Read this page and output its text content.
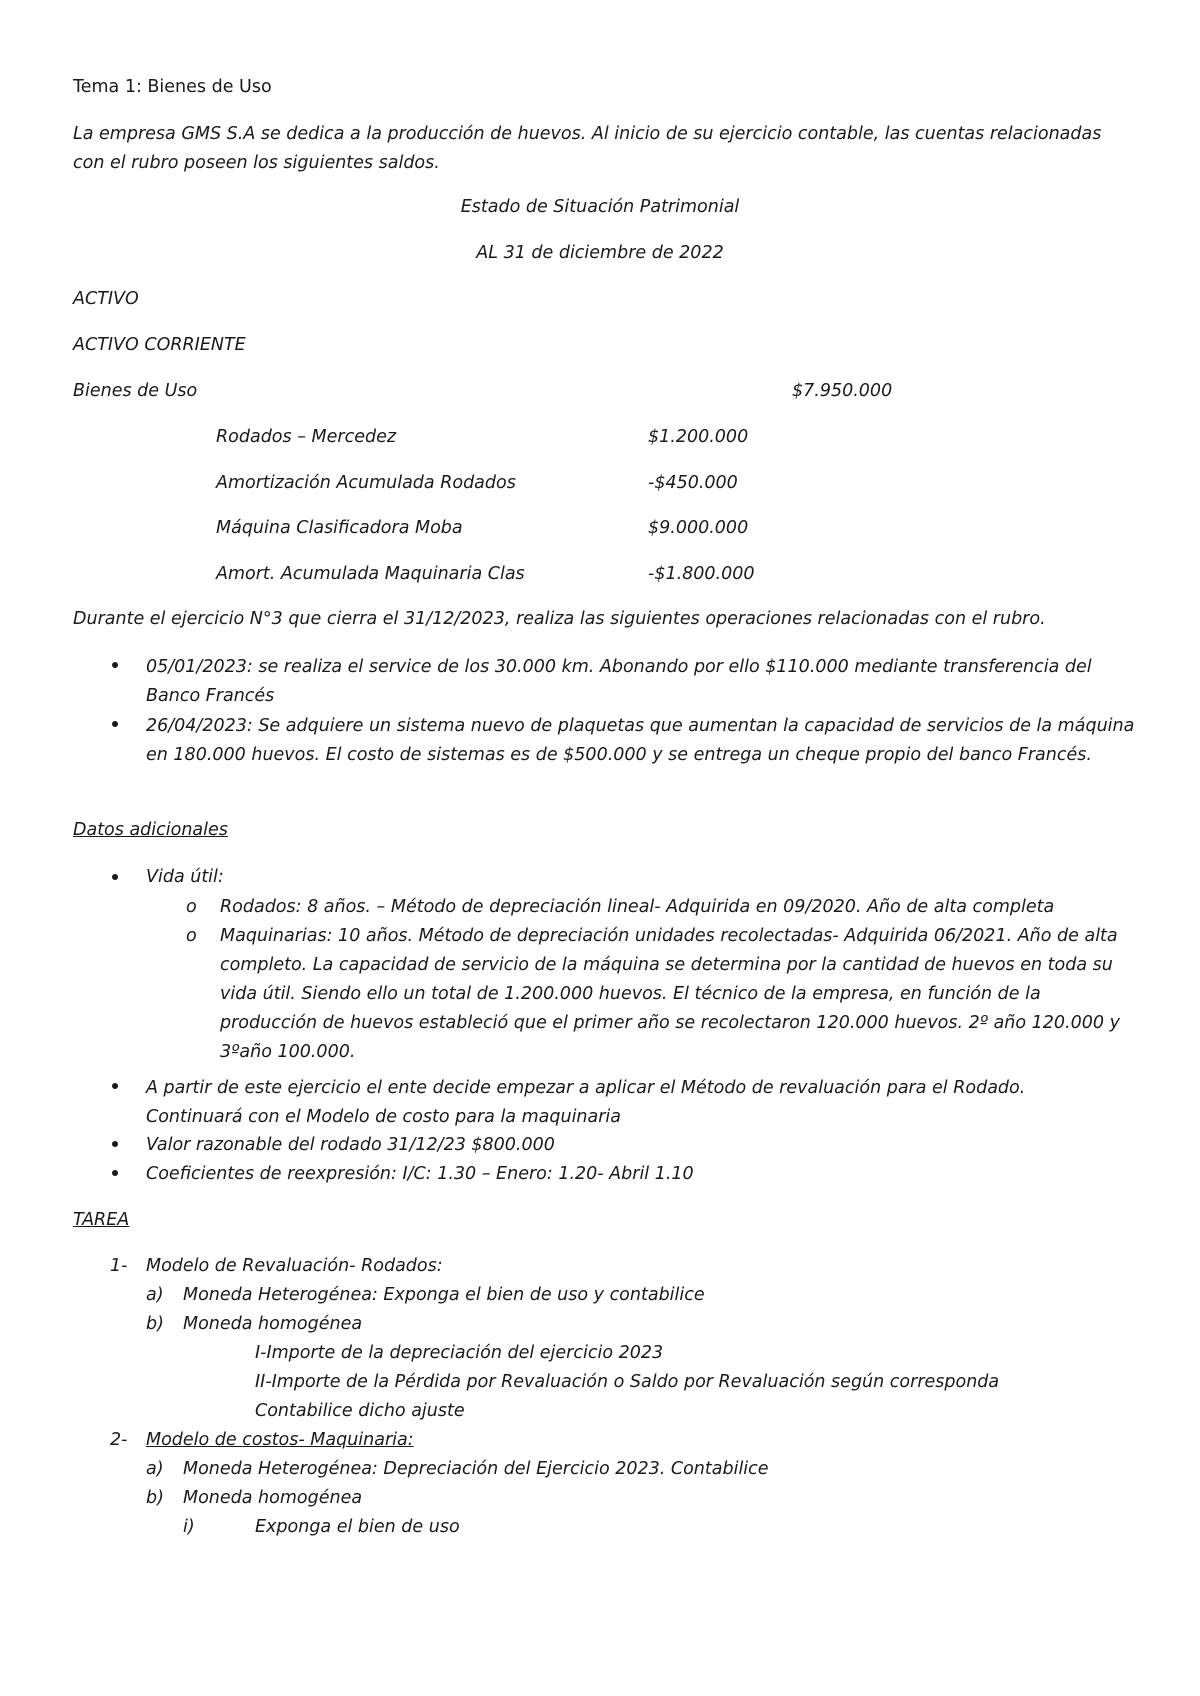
Tema 1: Bienes de Uso
La empresa GMS S.A se dedica a la producción de huevos. Al inicio de su ejercicio contable, las cuentas relacionadas con el rubro poseen los siguientes saldos.
Estado de Situación Patrimonial
AL 31 de diciembre de 2022
ACTIVO
ACTIVO CORRIENTE
Bienes de Uso	$7.950.000
Rodados – Mercedez	$1.200.000
Amortización Acumulada Rodados	-$450.000
Máquina Clasificadora Moba	$9.000.000
Amort. Acumulada Maquinaria Clas	-$1.800.000
Durante el ejercicio N°3 que cierra el 31/12/2023, realiza las siguientes operaciones relacionadas con el rubro.
05/01/2023: se realiza el service de los 30.000 km. Abonando por ello $110.000 mediante transferencia del Banco Francés
26/04/2023: Se adquiere un sistema nuevo de plaquetas que aumentan la capacidad de servicios de la máquina en 180.000 huevos. El costo de sistemas es de $500.000 y se entrega un cheque propio del banco Francés.
Datos adicionales
Vida útil:
o Rodados: 8 años. – Método de depreciación lineal- Adquirida en 09/2020. Año de alta completa
o Maquinarias: 10 años. Método de depreciación unidades recolectadas- Adquirida 06/2021. Año de alta completo. La capacidad de servicio de la máquina se determina por la cantidad de huevos en toda su vida útil. Siendo ello un total de 1.200.000 huevos. El técnico de la empresa, en función de la producción de huevos estableció que el primer año se recolectaron 120.000 huevos. 2º año 120.000 y 3ºaño 100.000.
A partir de este ejercicio el ente decide empezar a aplicar el Método de revaluación para el Rodado. Continuará con el Modelo de costo para la maquinaria
Valor razonable del rodado 31/12/23 $800.000
Coeficientes de reexpresión: I/C: 1.30 – Enero: 1.20- Abril 1.10
TAREA
1- Modelo de Revaluación- Rodados:
a) Moneda Heterogénea: Exponga el bien de uso y contabilice
b) Moneda homogénea
I-Importe de la depreciación del ejercicio 2023
II-Importe de la Pérdida por Revaluación o Saldo por Revaluación según corresponda
Contabilice dicho ajuste
2- Modelo de costos- Maquinaria:
a) Moneda Heterogénea: Depreciación del Ejercicio 2023. Contabilice
b) Moneda homogénea
i)	Exponga el bien de uso
